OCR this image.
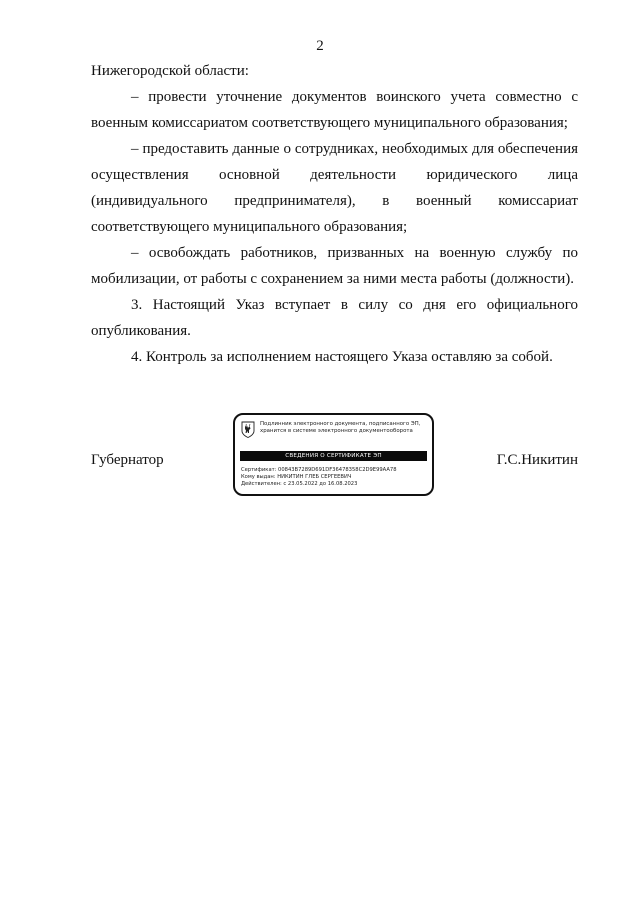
2

Нижегородской области:

– провести уточнение документов воинского учета совместно с военным комиссариатом соответствующего муниципального образования;

– предоставить данные о сотрудниках, необходимых для обеспечения осуществления основной деятельности юридического лица (индивидуального предпринимателя), в военный комиссариат соответствующего муниципального образования;

– освобождать работников, призванных на военную службу по мобилизации, от работы с сохранением за ними места работы (должности).

3. Настоящий Указ вступает в силу со дня его официального опубликования.

4. Контроль за исполнением настоящего Указа оставляю за собой.

Губернатор
Подлинник электронного документа, подписанного ЭП,
хранится в системе электронного документооборота
СВЕДЕНИЯ О СЕРТИФИКАТЕ ЭП
Сертификат: 00843B7289D691DF36478358C2D9E99AA78
Кому выдан: НИКИТИН ГЛЕБ СЕРГЕЕВИЧ
Действителен: с 23.05.2022 до 16.08.2023
Г.С.Никитин
